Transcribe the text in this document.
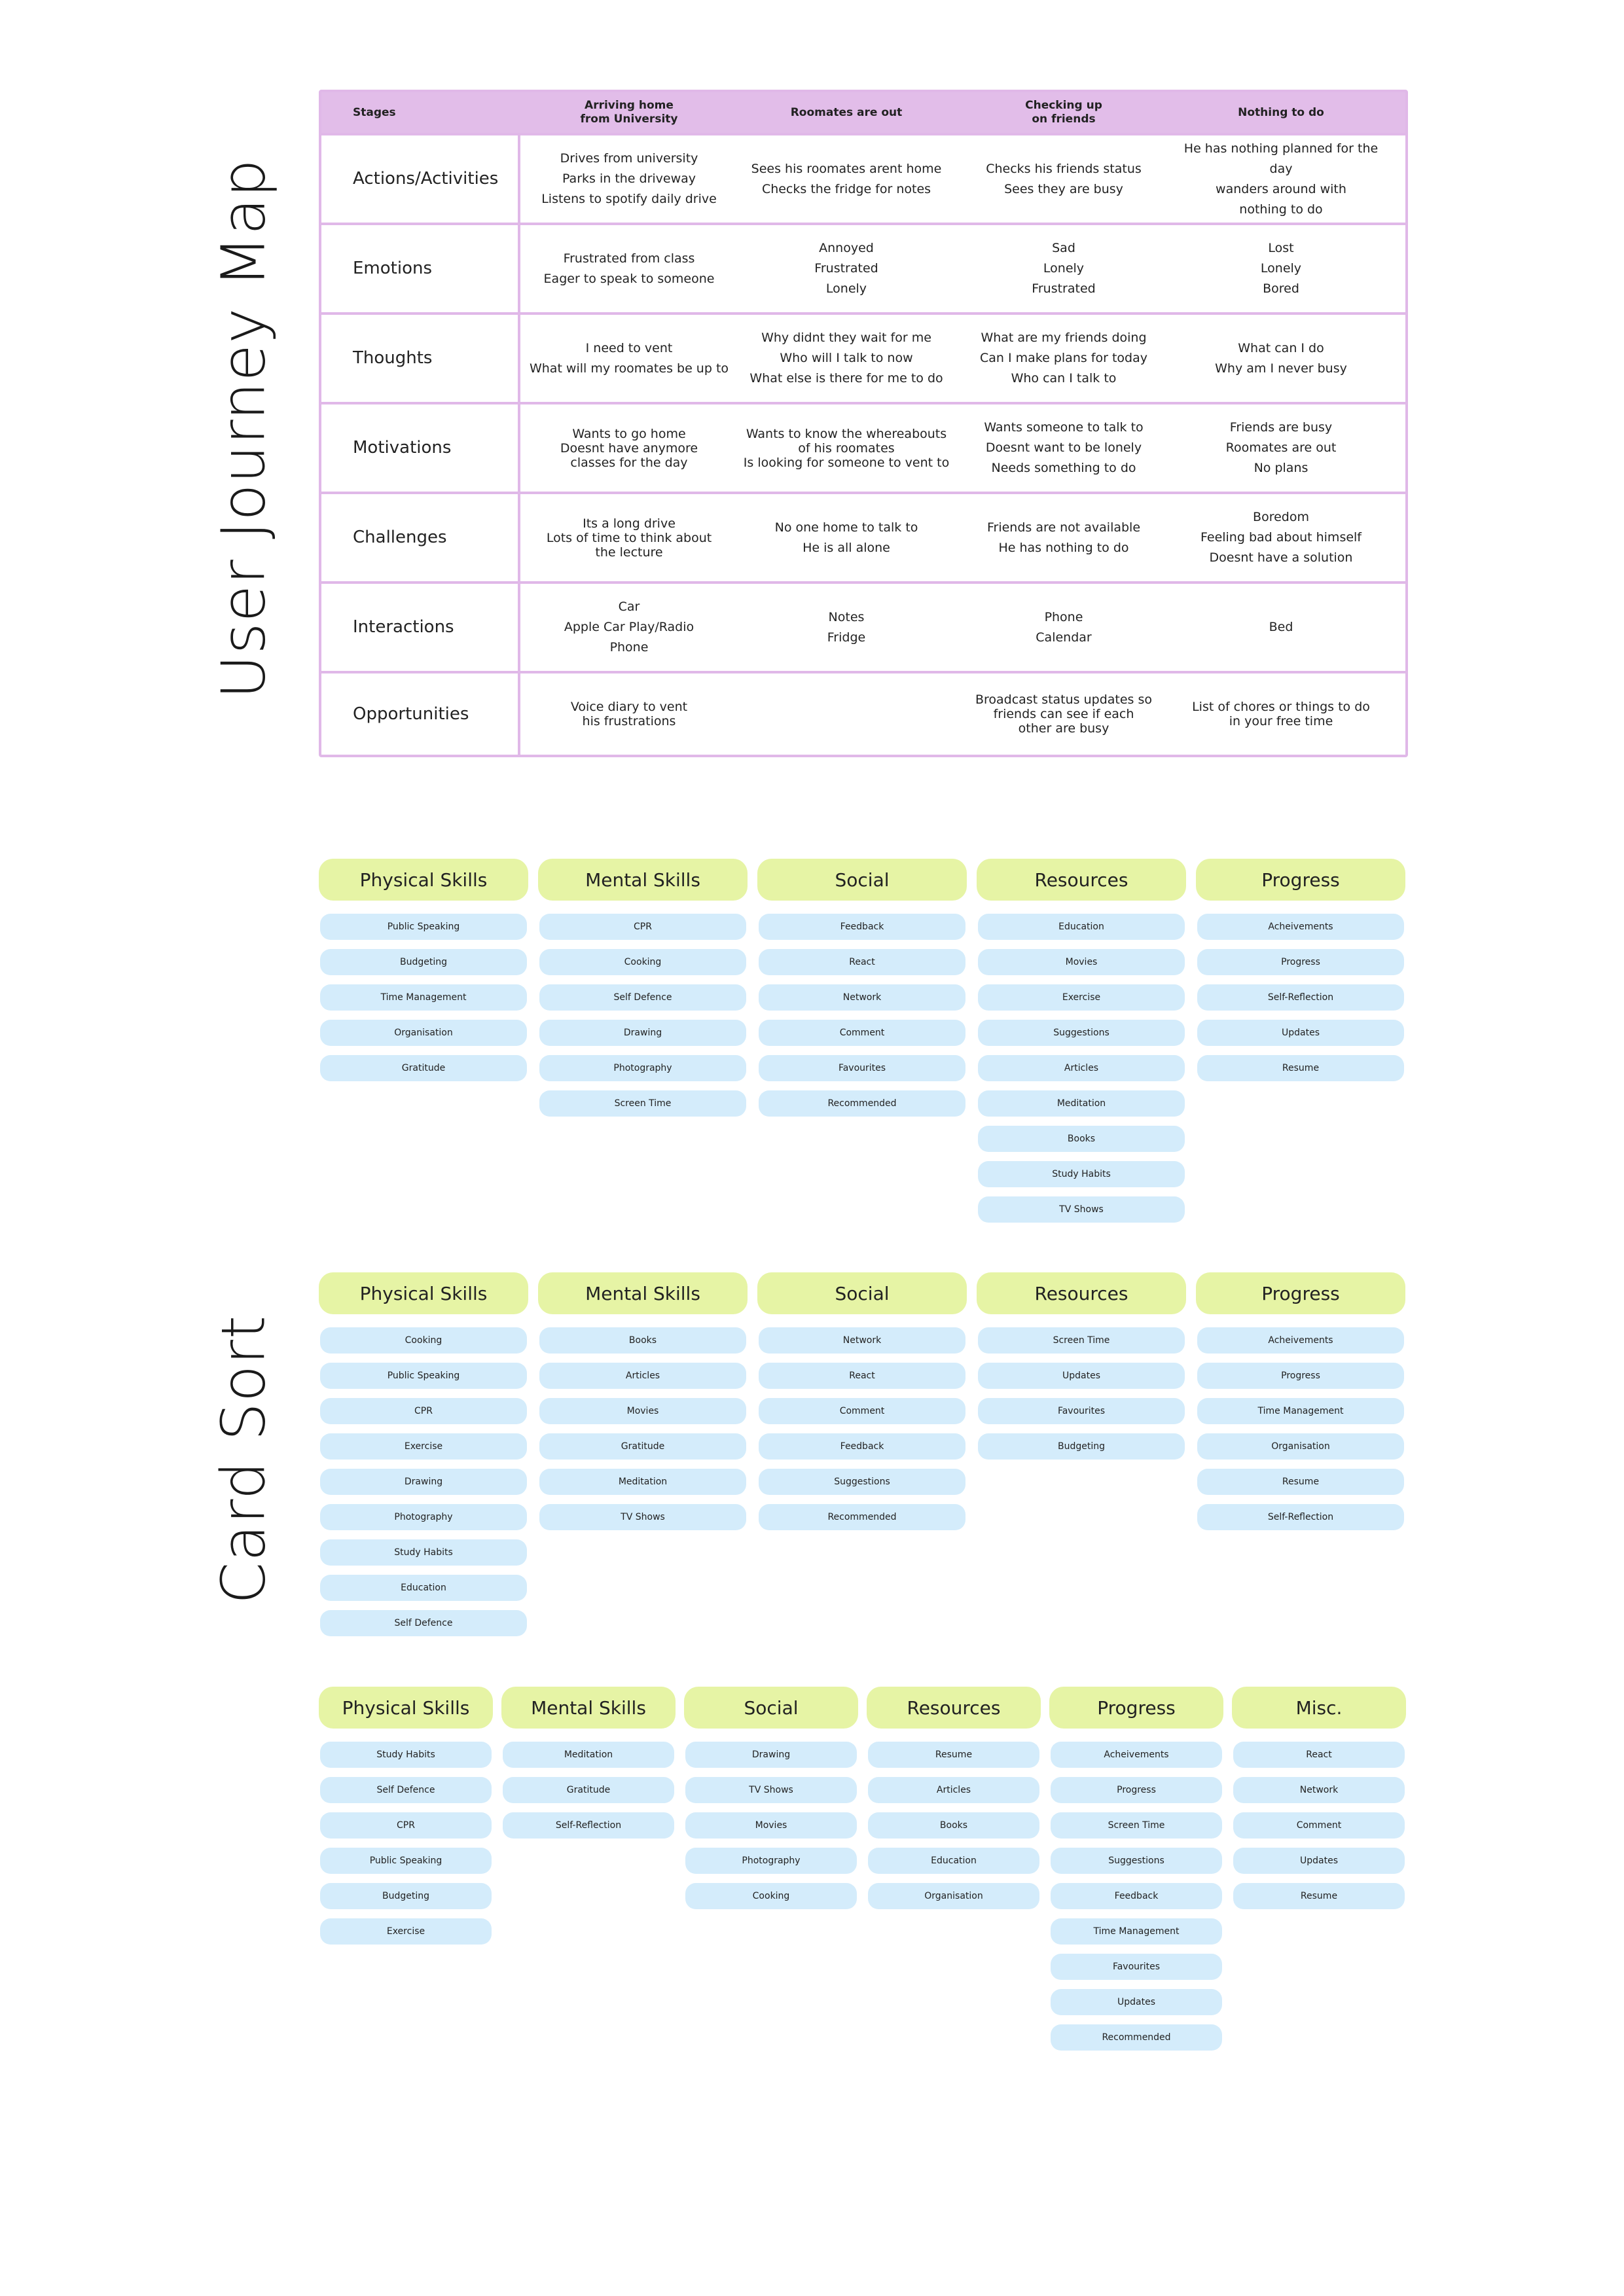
User Journey Map
Card Sort
Stages
Arriving home
from University
Roomates are out
Checking up
on friends
Nothing to do
Actions/Activities
Drives from university
Parks in the driveway
Listens to spotify daily drive
Sees his roomates arent home
Checks the fridge for notes
Checks his friends status
Sees they are busy
He has nothing planned for the day
wanders around with
nothing to do
Emotions
Frustrated from class
Eager to speak to someone
Annoyed
Frustrated
Lonely
Sad
Lonely
Frustrated
Lost
Lonely
Bored
Thoughts
I need to vent
What will my roomates be up to
Why didnt they wait for me
Who will I talk to now
What else is there for me to do
What are my friends doing
Can I make plans for today
Who can I talk to
What can I do
Why am I never busy
Motivations
Wants to go home
Doesnt have anymore
classes for the day
Wants to know the whereabouts
of his roomates
Is looking for someone to vent to
Wants someone to talk to
Doesnt want to be lonely
Needs something to do
Friends are busy
Roomates are out
No plans
Challenges
Its a long drive
Lots of time to think about
the lecture
No one home to talk to
He is all alone
Friends are not available
He has nothing to do
Boredom
Feeling bad about himself
Doesnt have a solution
Interactions
Car
Apple Car Play/Radio
Phone
Notes
Fridge
Phone
Calendar
Bed
Opportunities	Voice diary to vent
his frustrations
Broadcast status updates so
friends can see if each
other are busy
List of chores or things to do
in your free time
Physical Skills
Public Speaking
Budgeting
Time Management
Organisation
Gratitude
Mental Skills
CPR
Cooking
Self Defence
Drawing
Photography
Screen Time
Social
Feedback
React
Network
Comment
Favourites
Recommended
Resources
Education
Movies
Exercise
Suggestions
Articles
Meditation
Books
Study Habits
TV Shows
Progress
Acheivements
Progress
Self-Reflection
Updates
Resume
Physical Skills
Cooking
Public Speaking
CPR
Exercise
Drawing
Photography
Study Habits
Education
Self Defence
Mental Skills
Books
Articles
Movies
Gratitude
Meditation
TV Shows
Social
Network
React
Comment
Feedback
Suggestions
Recommended
Resources
Screen Time
Updates
Favourites
Budgeting
Progress
Acheivements
Progress
Time Management
Organisation
Resume
Self-Reflection
Physical Skills
Study Habits
Self Defence
CPR
Public Speaking
Budgeting
Exercise
Mental Skills
Meditation
Gratitude
Self-Reflection
Social
Drawing
TV Shows
Movies
Photography
Cooking
Resources
Resume
Articles
Books
Education
Organisation
Progress
Acheivements
Progress
Screen Time
Suggestions
Feedback
Time Management
Favourites
Updates
Recommended
Misc.
React
Network
Comment
Updates
Resume
